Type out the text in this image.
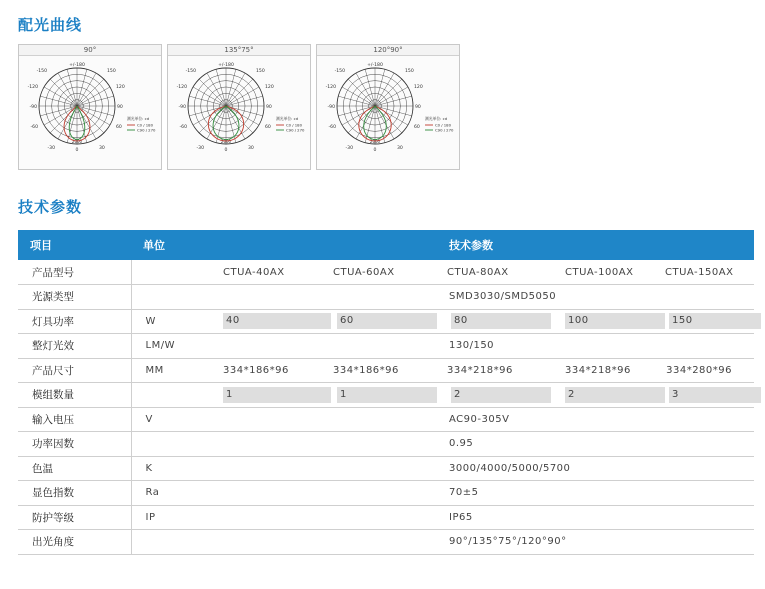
配光曲线
90°
+/-180
-150	150
-120	120
-90	90
-60	60
-30	30
0
2000
测光单位: cd
C0 / 180
C90 / 270
135°75°
+/-180
-150	150
-120	120
-90	90
-60	60
-30	30
0
2000
测光单位: cd
C0 / 180
C90 / 270
120°90°
+/-180
-150	150
-120	120
-90	90
-60	60
-30	30
0
2000
测光单位: cd
C0 / 180
C90 / 270
技术参数
项目	单位			技术参数		
产品型号		CTUA-40AX	CTUA-60AX	CTUA-80AX	CTUA-100AX	CTUA-150AX
光源类型				SMD3030/SMD5050		
灯具功率	W	40	60	80	100	150
整灯光效	LM/W			130/150		
产品尺寸	MM	334*186*96	334*186*96	334*218*96	334*218*96	334*280*96
模组数量		1	1	2	2	3
输入电压	V			AC90-305V		
功率因数				0.95		
色温	K			3000/4000/5000/5700		
显色指数	Ra			70±5		
防护等级	IP			IP65		
出光角度				90°/135°75°/120°90°		
